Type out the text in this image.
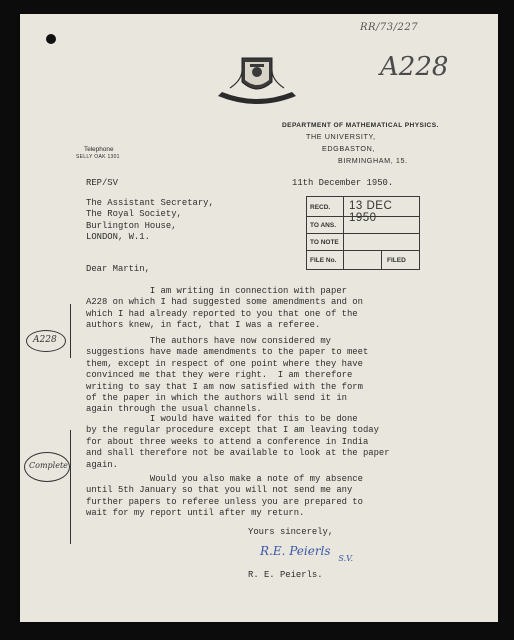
RR/73/227
A228
DEPARTMENT OF MATHEMATICAL PHYSICS.
THE UNIVERSITY,
EDGBASTON,
BIRMINGHAM, 15.
Telephone
SELLY OAK 1301
REP/SV	11th December 1950.
The Assistant Secretary,
The Royal Society,
Burlington House,
LONDON, W.1.
RECD. 13 DEC 1950
TO ANS.
TO NOTE
FILE No.	FILED
Dear Martin,
I am writing in connection with paper
A228 on which I had suggested some amendments and on
which I had already reported to you that one of the
authors knew, in fact, that I was a referee.
The authors have now considered my
suggestions have made amendments to the paper to meet
them, except in respect of one point where they have
convinced me that they were right.  I am therefore
writing to say that I am now satisfied with the form
of the paper in which the authors will send it in
again through the usual channels.
I would have waited for this to be done
by the regular procedure except that I am leaving today
for about three weeks to attend a conference in India
and shall therefore not be available to look at the paper
again.
Would you also make a note of my absence
until 5th January so that you will not send me any
further papers to referee unless you are prepared to
wait for my report until after my return.
Yours sincerely,
R.E. Peierls $_{S.V.}$
R. E. Peierls.
A228
Complete
